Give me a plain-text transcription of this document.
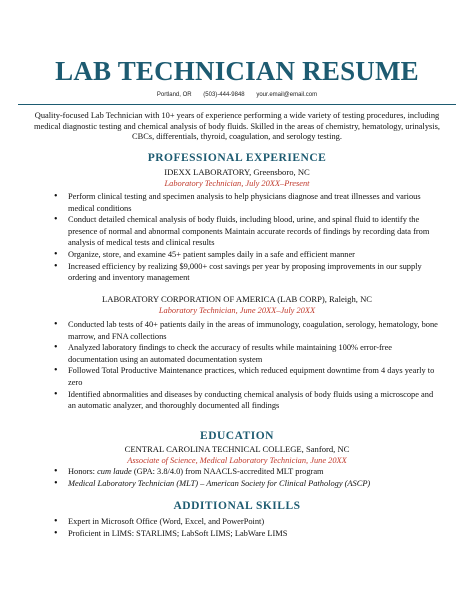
LAB TECHNICIAN RESUME
Portland, OR (503)-444-9848 your.email@email.com
Quality-focused Lab Technician with 10+ years of experience performing a wide variety of testing procedures, including medical diagnostic testing and chemical analysis of body fluids. Skilled in the areas of chemistry, hematology, urinalysis, CBCs, differentials, thyroid, coagulation, and serology testing.
PROFESSIONAL EXPERIENCE
IDEXX LABORATORY, Greensboro, NC
Laboratory Technician, July 20XX–Present
• Perform clinical testing and specimen analysis to help physicians diagnose and treat illnesses and various medical conditions
• Conduct detailed chemical analysis of body fluids, including blood, urine, and spinal fluid to identify the presence of normal and abnormal components Maintain accurate records of findings by recording data from analysis of medical tests and clinical results
• Organize, store, and examine 45+ patient samples daily in a safe and efficient manner
• Increased efficiency by realizing $9,000+ cost savings per year by proposing improvements in our supply ordering and inventory management
LABORATORY CORPORATION OF AMERICA (LAB CORP), Raleigh, NC
Laboratory Technician, June 20XX–July 20XX
• Conducted lab tests of 40+ patients daily in the areas of immunology, coagulation, serology, hematology, bone marrow, and FNA collections
• Analyzed laboratory findings to check the accuracy of results while maintaining 100% error-free documentation using an automated documentation system
• Followed Total Productive Maintenance practices, which reduced equipment downtime from 4 days yearly to zero
• Identified abnormalities and diseases by conducting chemical analysis of body fluids using a microscope and an automatic analyzer, and thoroughly documented all findings
EDUCATION
CENTRAL CAROLINA TECHNICAL COLLEGE, Sanford, NC
Associate of Science, Medical Laboratory Technician, June 20XX
• Honors: cum laude (GPA: 3.8/4.0) from NAACLS-accredited MLT program
• Medical Laboratory Technician (MLT) – American Society for Clinical Pathology (ASCP)
ADDITIONAL SKILLS
• Expert in Microsoft Office (Word, Excel, and PowerPoint)
• Proficient in LIMS: STARLIMS; LabSoft LIMS; LabWare LIMS
